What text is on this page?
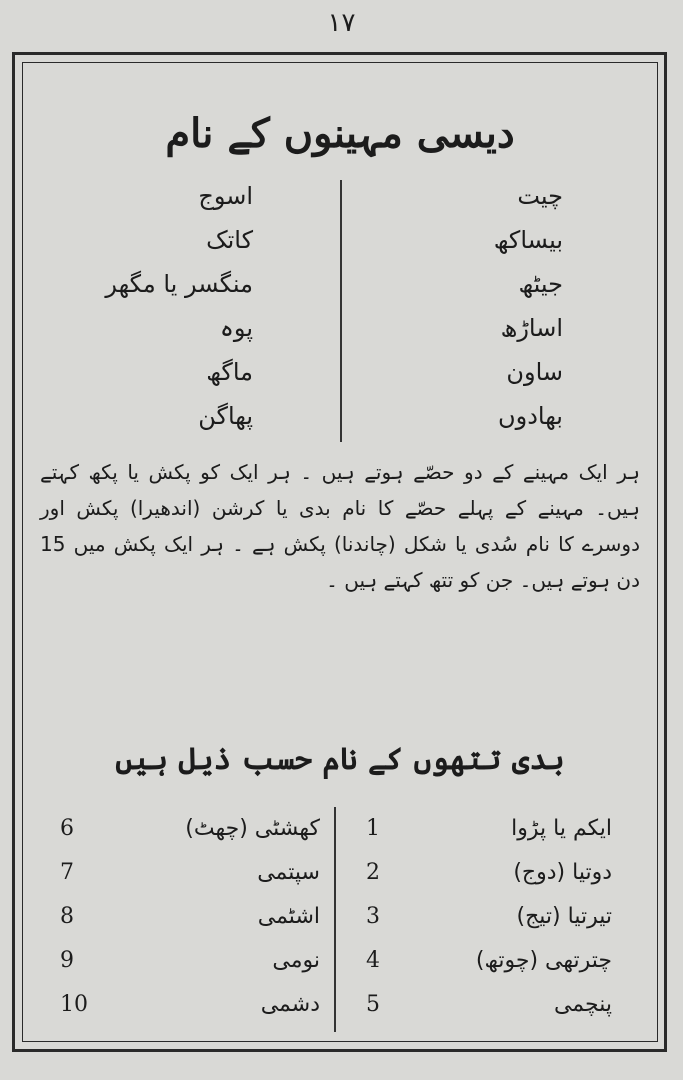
١٧
دیسی مہینوں کے نام
چیت
بیساکھ
جیٹھ
اساڑھ
ساون
بھادوں
اسوج
کاتک
منگسر یا مگھر
پوہ
ماگھ
پھاگن
ہر ایک مہینے کے دو حصّے ہوتے ہیں ۔ ہر ایک کو پکش یا پکھ کہتے ہیں۔ مہینے کے پہلے حصّے کا نام بدی یا کرشن (اندھیرا) پکش اور دوسرے کا نام سُدی یا شکل (چاندنا) پکش ہے ۔ ہر ایک پکش میں 15 دن ہوتے ہیں۔ جن کو تتھ کہتے ہیں ۔
بدی تتھوں کے نام حسب ذیل ہیں
ایکم یا پڑوا
1
دوتیا (دوج)
2
تیرتیا (تیج)
3
چترتھی (چوتھ)
4
پنچمی
5
کھشٹی (چھٹ)
6
سپتمی
7
اشٹمی
8
نومی
9
دشمی
10
